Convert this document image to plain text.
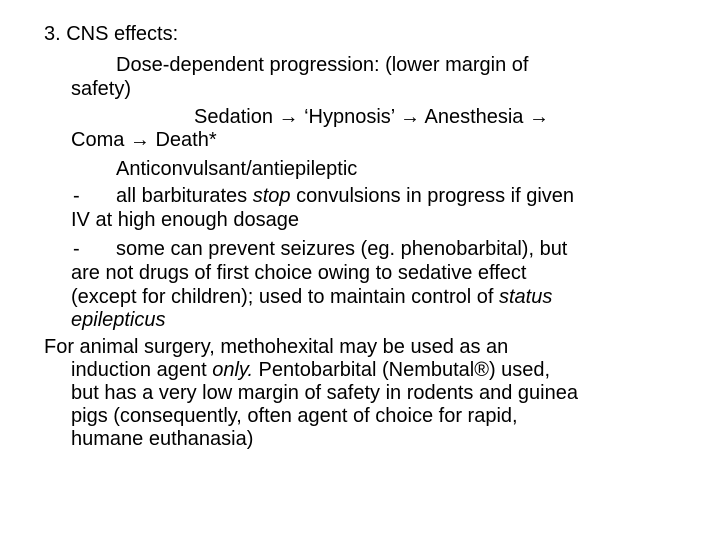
3. CNS effects:
Dose-dependent progression: (lower margin of
safety)
Sedation → ‘Hypnosis’ → Anesthesia →
Coma → Death*
Anticonvulsant/antiepileptic
- all barbiturates stop convulsions in progress if given
IV at high enough dosage
- some can prevent seizures (eg. phenobarbital), but
are not drugs of first choice owing to sedative effect
(except for children); used to maintain control of status
epilepticus
For animal surgery, methohexital may be used as an
induction agent only. Pentobarbital (Nembutal®) used,
but has a very low margin of safety in rodents and guinea
pigs (consequently, often agent of choice for rapid,
humane euthanasia)
